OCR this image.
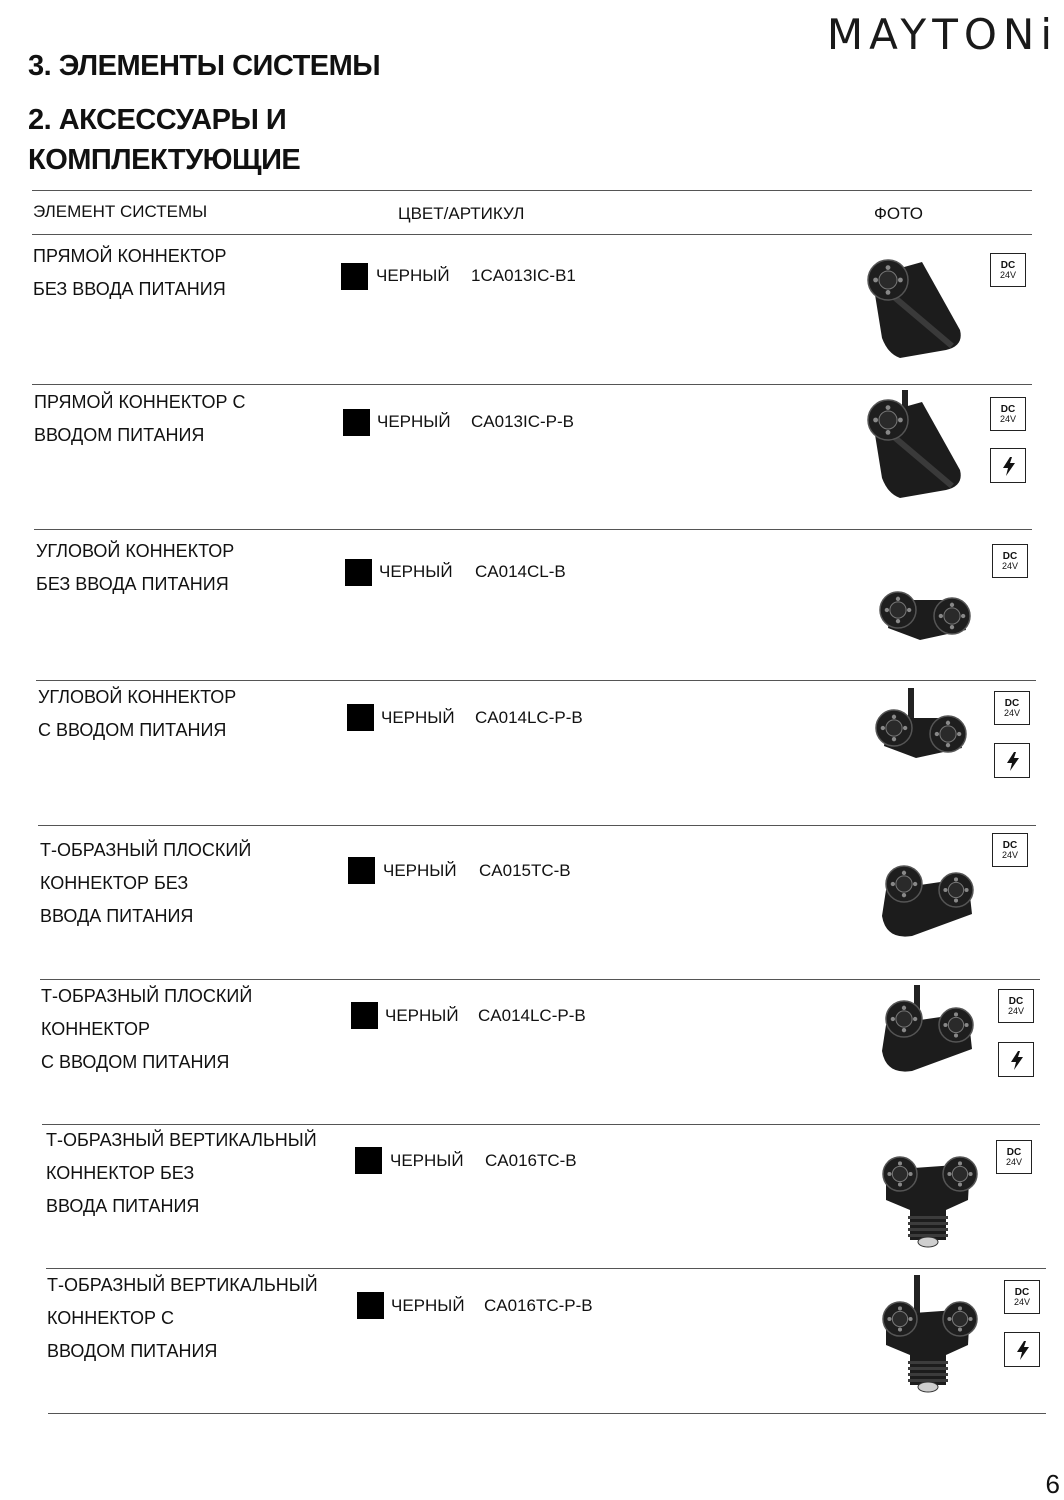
MAYTONi
3. ЭЛЕМЕНТЫ СИСТЕМЫ
2. АКСЕССУАРЫ И КОМПЛЕКТУЮЩИЕ
ЭЛЕМЕНТ СИСТЕМЫ	ЦВЕТ/АРТИКУЛ	ФОТО
ПРЯМОЙ КОННЕКТОР
БЕЗ ВВОДА ПИТАНИЯ
ЧЕРНЫЙ 1CA013IC-B1
DC
24V
ПРЯМОЙ КОННЕКТОР С
ВВОДОМ ПИТАНИЯ
ЧЕРНЫЙ CA013IC-P-B
DC
24V
УГЛОВОЙ КОННЕКТОР
БЕЗ ВВОДА ПИТАНИЯ
ЧЕРНЫЙ CA014CL-B
DC
24V
УГЛОВОЙ КОННЕКТОР
С ВВОДОМ ПИТАНИЯ
ЧЕРНЫЙ CA014LC-P-B
DC
24V
Т-ОБРАЗНЫЙ ПЛОСКИЙ
КОННЕКТОР БЕЗ
ВВОДА ПИТАНИЯ
ЧЕРНЫЙ CA015TC-B
DC
24V
Т-ОБРАЗНЫЙ ПЛОСКИЙ
КОННЕКТОР
С ВВОДОМ ПИТАНИЯ
ЧЕРНЫЙ CA014LC-P-B
DC
24V
Т-ОБРАЗНЫЙ ВЕРТИКАЛЬНЫЙ
КОННЕКТОР БЕЗ
ВВОДА ПИТАНИЯ
ЧЕРНЫЙ CA016TC-B	DC
24V
Т-ОБРАЗНЫЙ ВЕРТИКАЛЬНЫЙ
КОННЕКТОР С
ВВОДОМ ПИТАНИЯ
ЧЕРНЫЙ CA016TC-P-B
DC
24V
6
